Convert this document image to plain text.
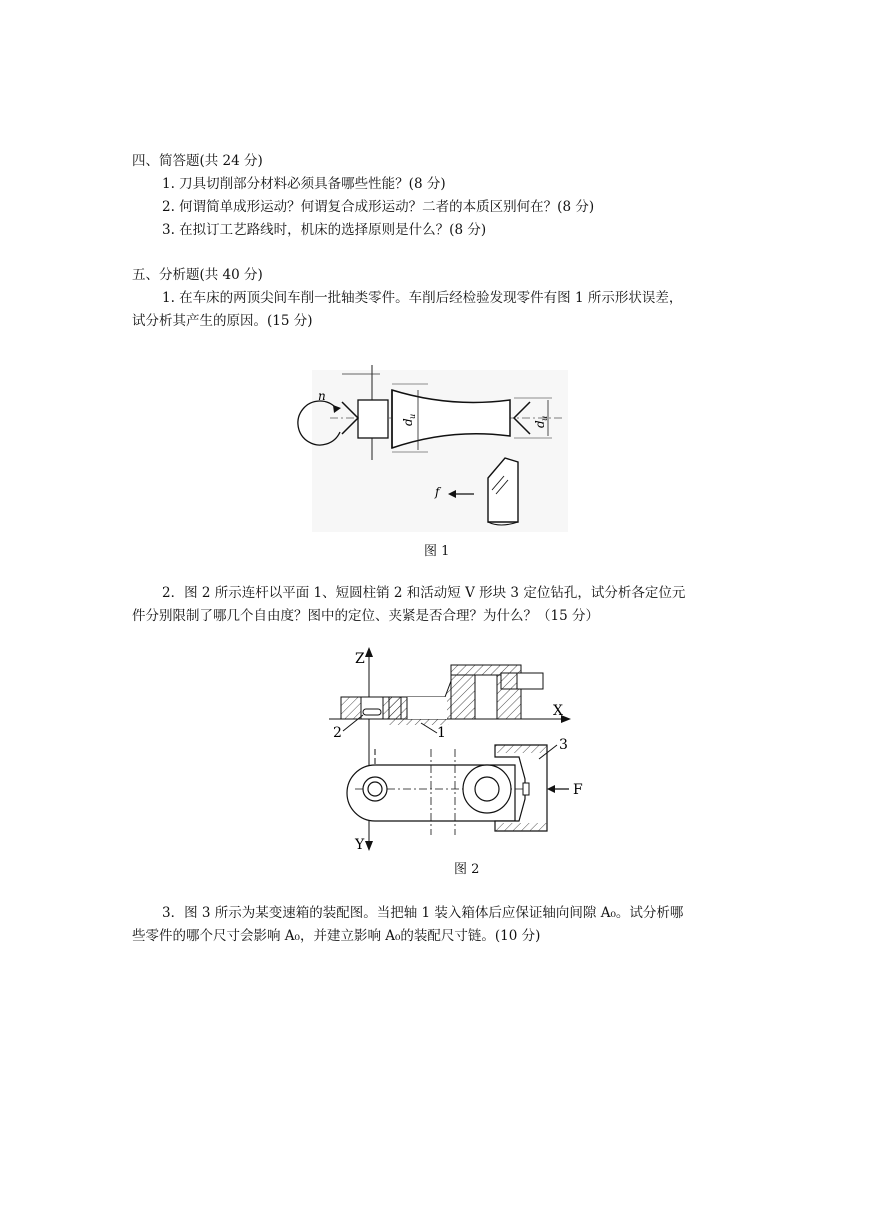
四、简答题(共 24 分)
1. 刀具切削部分材料必须具备哪些性能？(8 分)
2. 何谓简单成形运动？何谓复合成形运动？二者的本质区别何在？(8 分)
3. 在拟订工艺路线时，机床的选择原则是什么？(8 分)
五、分析题(共 40 分)
1. 在车床的两顶尖间车削一批轴类零件。车削后经检验发现零件有图 1 所示形状误差，
试分析其产生的原因。(15 分)
n
d
u
d
u
f
图 1
2．图 2 所示连杆以平面 1、短圆柱销 2 和活动短 V 形块 3 定位钻孔，试分析各定位元
件分别限制了哪几个自由度？图中的定位、夹紧是否合理？为什么？（15 分）
Z
X
2	1
3
F
Y
图 2
3．图 3 所示为某变速箱的装配图。当把轴 1 装入箱体后应保证轴向间隙 A₀。试分析哪
些零件的哪个尺寸会影响 A₀，并建立影响 A₀的装配尺寸链。(10 分)
